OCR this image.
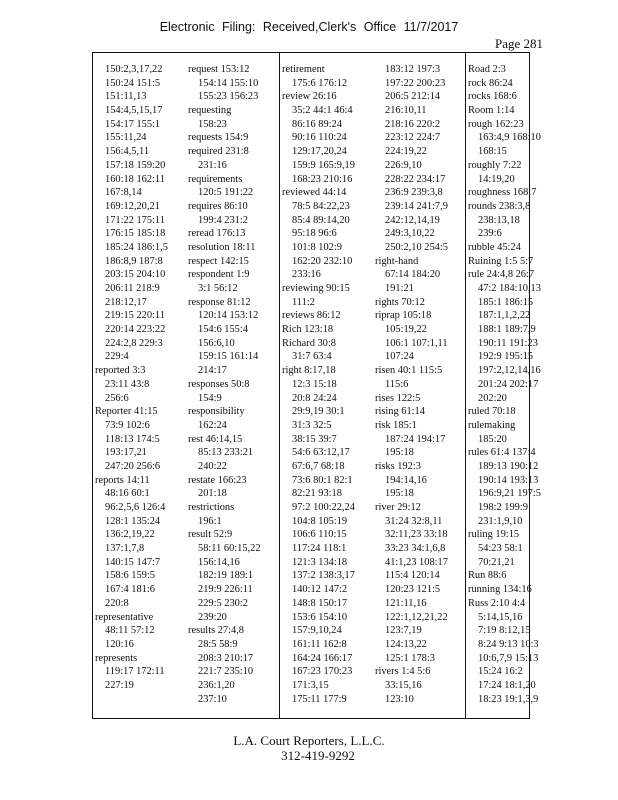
Electronic Filing: Received,Clerk's Office 11/7/2017
Page 281
150:2,3,17,22
150:24 151:5
151:11,13
154:4,5,15,17
154:17 155:1
155:11,24
156:4,5,11
157:18 159:20
160:18 162:11
167:8,14
169:12,20,21
171:22 175:11
176:15 185:18
185:24 186:1,5
186:8,9 187:8
203:15 204:10
206:11 218:9
218:12,17
219:15 220:11
220:14 223:22
224:2,8 229:3
229:4
reported 3:3
23:11 43:8
256:6
Reporter 41:15
73:9 102:6
118:13 174:5
193:17,21
247:20 256:6
reports 14:11
48:16 60:1
96:2,5,6 126:4
128:1 135:24
136:2,19,22
137:1,7,8
140:15 147:7
158:6 159:5
167:4 181:6
220:8
representative
48:11 57:12
120:16
represents
119:17 172:11
227:19
request 153:12
154:14 155:10
155:23 156:23
requesting
158:23
requests 154:9
required 231:8
231:16
requirements
120:5 191:22
requires 86:10
199:4 231:2
reread 176:13
resolution 18:11
respect 142:15
respondent 1:9
3:1 56:12
response 81:12
120:14 153:12
154:6 155:4
156:6,10
159:15 161:14
214:17
responses 50:8
154:9
responsibility
162:24
rest 46:14,15
85:13 233:21
240:22
restate 166:23
201:18
restrictions
196:1
result 52:9
58:11 60:15,22
156:14,16
182:19 189:1
219:9 226:11
229:5 230:2
239:20
results 27:4,8
28:5 58:9
208:3 210:17
221:7 235:10
236:1,20
237:10
retirement
175:6 176:12
review 26:16
35:2 44:1 46:4
86:16 89:24
90:16 110:24
129:17,20,24
159:9 165:9,19
168:23 210:16
reviewed 44:14
78:5 84:22,23
85:4 89:14,20
95:18 96:6
101:8 102:9
162:20 232:10
233:16
reviewing 90:15
111:2
reviews 86:12
Rich 123:18
Richard 30:8
31:7 63:4
right 8:17,18
12:3 15:18
20:8 24:24
29:9,19 30:1
31:3 32:5
38:15 39:7
54:6 63:12,17
67:6,7 68:18
73:6 80:1 82:1
82:21 93:18
97:2 100:22,24
104:8 105:19
106:6 110:15
117:24 118:1
121:3 134:18
137:2 138:3,17
140:12 147:2
148:8 150:17
153:6 154:10
157:9,10,24
161:11 162:8
164:24 166:17
167:23 170:23
171:3,15
175:11 177:9
183:12 197:3
197:22 200:23
206:5 212:14
216:10,11
218:16 220:2
223:12 224:7
224:19,22
226:9,10
228:22 234:17
236:9 239:3,8
239:14 241:7,9
242:12,14,19
249:3,10,22
250:2,10 254:5
right-hand
67:14 184:20
191:21
rights 70:12
riprap 105:18
105:19,22
106:1 107:1,11
107:24
risen 40:1 115:5
115:6
rises 122:5
rising 61:14
risk 185:1
187:24 194:17
195:18
risks 192:3
194:14,16
195:18
river 29:12
31:24 32:8,11
32:11,23 33:18
33:23 34:1,6,8
41:1,23 108:17
115:4 120:14
120:23 121:5
121:11,16
122:1,12,21,22
123:7,19
124:13,22
125:1 178:3
rivers 1:4 5:6
33:15,16
123:10
Road 2:3
rock 86:24
rocks 168:6
Room 1:14
rough 162:23
163:4,9 168:10
168:15
roughly 7:22
14:19,20
roughness 168:7
rounds 238:3,8
238:13,18
239:6
rubble 45:24
Ruining 1:5 5:7
rule 24:4,8 26:7
47:2 184:10,13
185:1 186:15
187:1,1,2,22
188:1 189:7,9
190:11 191:23
192:9 195:15
197:2,12,14,16
201:24 202:17
202:20
ruled 70:18
rulemaking
185:20
rules 61:4 137:4
189:13 190:12
190:14 193:13
196:9,21 197:5
198:2 199:9
231:1,9,10
ruling 19:15
54:23 58:1
70:21,21
Run 88:6
running 134:16
Russ 2:10 4:4
5:14,15,16
7:19 8:12,15
8:24 9:13 10:3
10:6,7,9 15:13
15:24 16:2
17:24 18:1,20
18:23 19:1,3,9
L.A. Court Reporters, L.L.C.
312-419-9292
